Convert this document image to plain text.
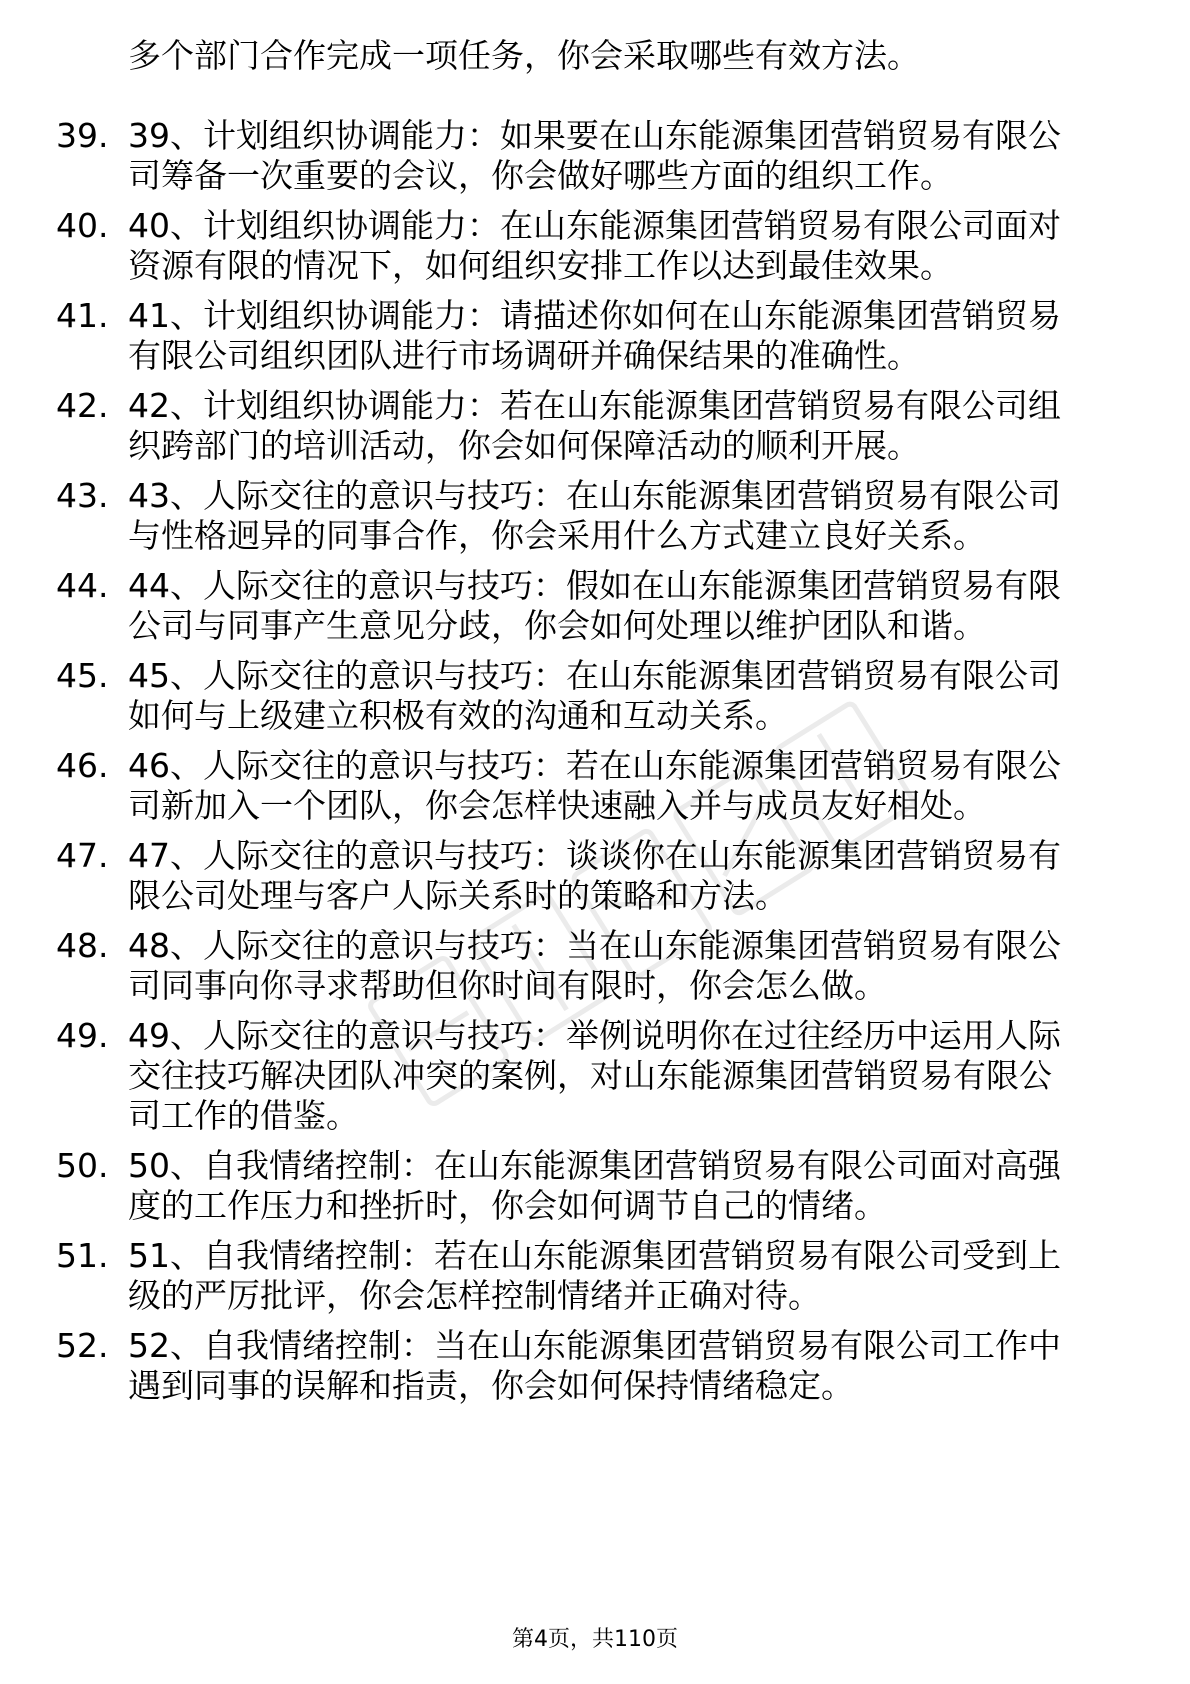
多个部门合作完成一项任务，你会采取哪些有效方法。
39. 39、计划组织协调能力：如果要在山东能源集团营销贸易有限公
司筹备一次重要的会议，你会做好哪些方面的组织工作。
40. 40、计划组织协调能力：在山东能源集团营销贸易有限公司面对
资源有限的情况下，如何组织安排工作以达到最佳效果。
41. 41、计划组织协调能力：请描述你如何在山东能源集团营销贸易
有限公司组织团队进行市场调研并确保结果的准确性。
42. 42、计划组织协调能力：若在山东能源集团营销贸易有限公司组
织跨部门的培训活动，你会如何保障活动的顺利开展。
43. 43、人际交往的意识与技巧：在山东能源集团营销贸易有限公司
与性格迥异的同事合作，你会采用什么方式建立良好关系。
44. 44、人际交往的意识与技巧：假如在山东能源集团营销贸易有限
公司与同事产生意见分歧，你会如何处理以维护团队和谐。
45. 45、人际交往的意识与技巧：在山东能源集团营销贸易有限公司
如何与上级建立积极有效的沟通和互动关系。
46. 46、人际交往的意识与技巧：若在山东能源集团营销贸易有限公
司新加入一个团队，你会怎样快速融入并与成员友好相处。
47. 47、人际交往的意识与技巧：谈谈你在山东能源集团营销贸易有
限公司处理与客户人际关系时的策略和方法。
48. 48、人际交往的意识与技巧：当在山东能源集团营销贸易有限公
司同事向你寻求帮助但你时间有限时，你会怎么做。
49. 49、人际交往的意识与技巧：举例说明你在过往经历中运用人际
交往技巧解决团队冲突的案例，对山东能源集团营销贸易有限公
司工作的借鉴。
50. 50、自我情绪控制：在山东能源集团营销贸易有限公司面对高强
度的工作压力和挫折时，你会如何调节自己的情绪。
51. 51、自我情绪控制：若在山东能源集团营销贸易有限公司受到上
级的严厉批评，你会怎样控制情绪并正确对待。
52. 52、自我情绪控制：当在山东能源集团营销贸易有限公司工作中
遇到同事的误解和指责，你会如何保持情绪稳定。
第4页，共110页
